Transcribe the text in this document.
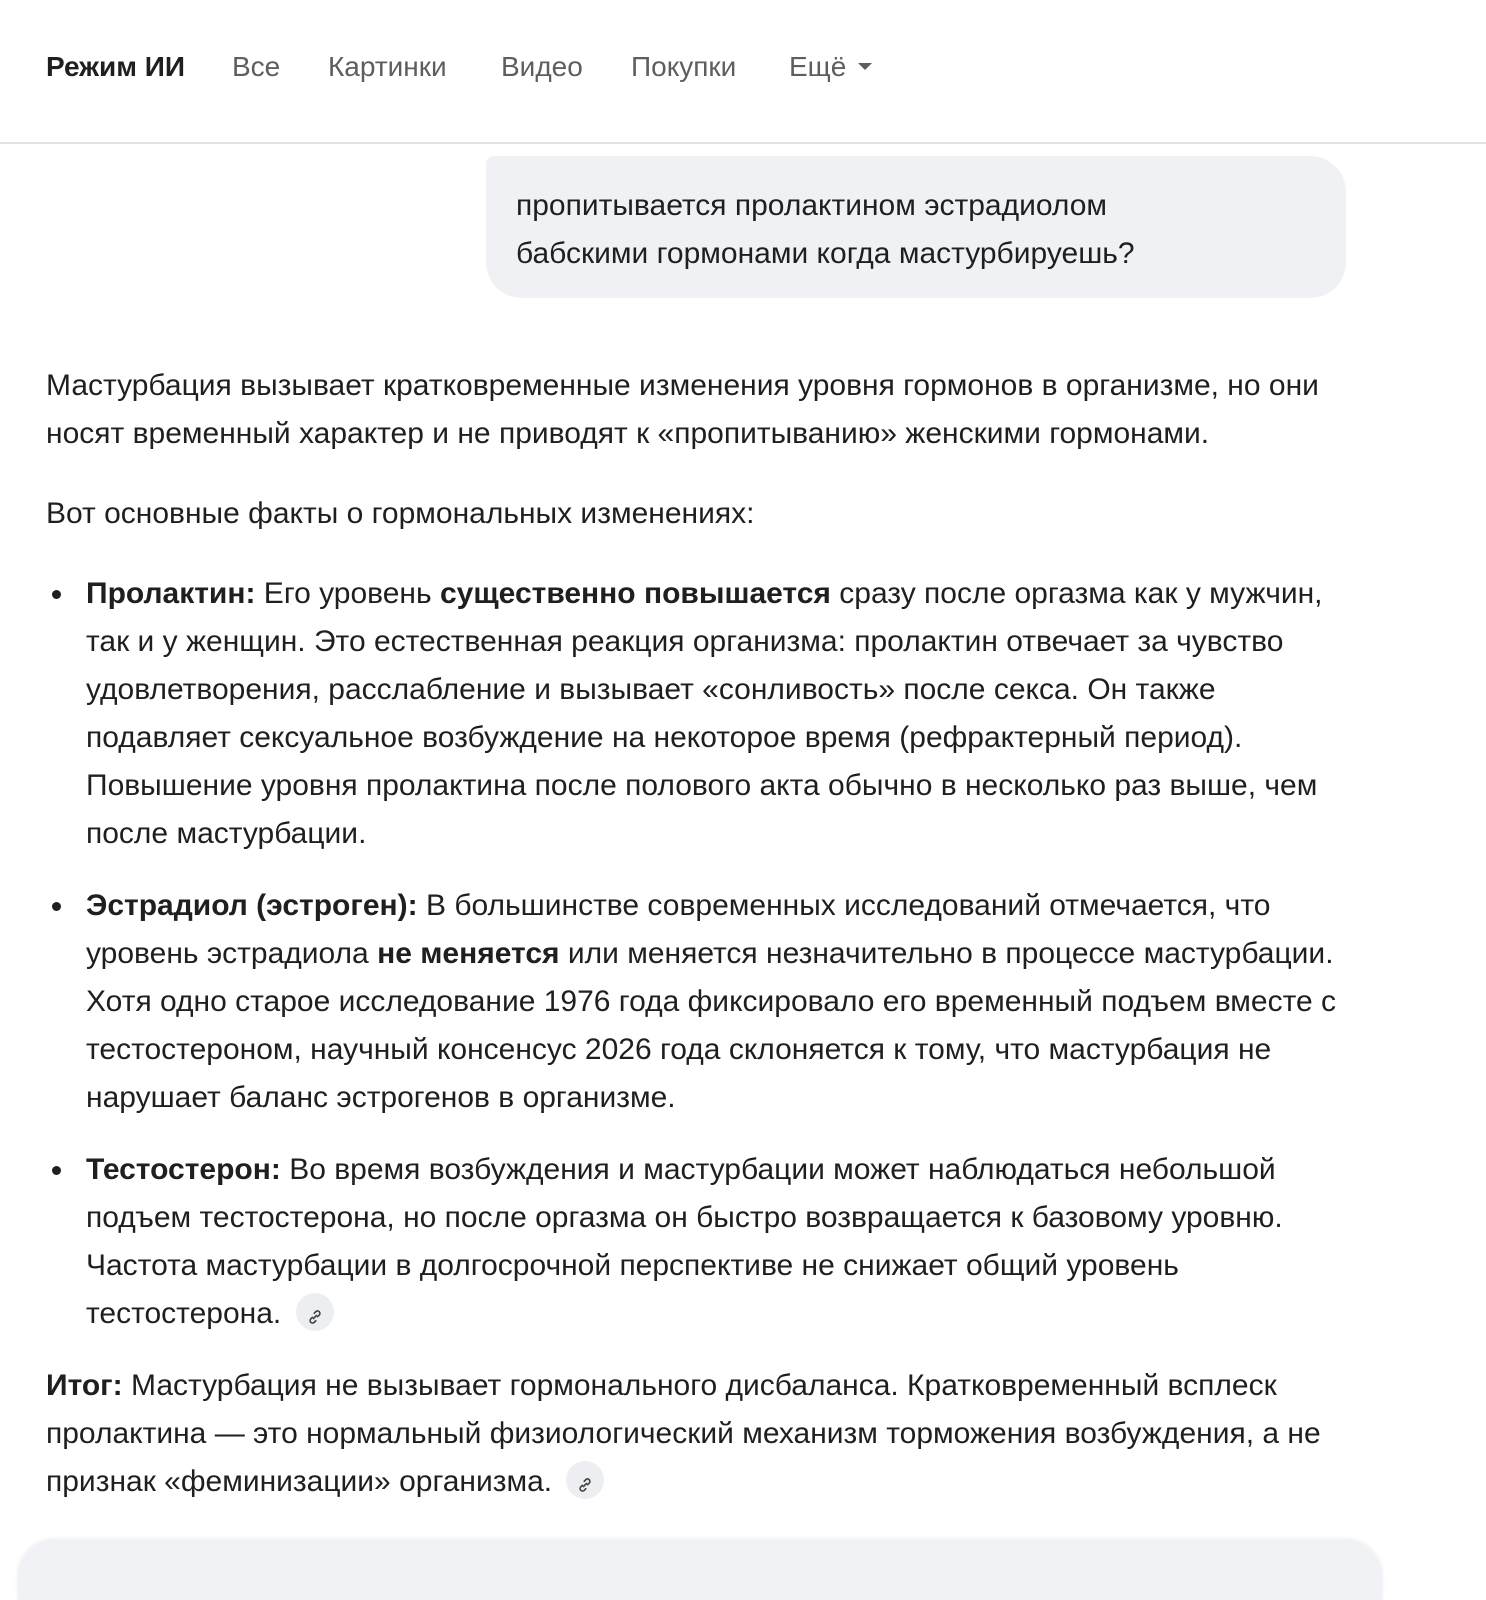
Режим ИИ Все Картинки Видео Покупки Ещё
пропитывается пролактином эстрадиолом
бабскими гормонами когда мастурбируешь?

Мастурбация вызывает кратковременные изменения уровня гормонов в организме, но они носят временный характер и не приводят к «пропитыванию» женскими гормонами.

Вот основные факты о гормональных изменениях:

Пролактин: Его уровень существенно повышается сразу после оргазма как у мужчин, так и у женщин. Это естественная реакция организма: пролактин отвечает за чувство удовлетворения, расслабление и вызывает «сонливость» после секса. Он также подавляет сексуальное возбуждение на некоторое время (рефрактерный период). Повышение уровня пролактина после полового акта обычно в несколько раз выше, чем после мастурбации.
Эстрадиол (эстроген): В большинстве современных исследований отмечается, что уровень эстрадиола не меняется или меняется незначительно в процессе мастурбации. Хотя одно старое исследование 1976 года фиксировало его временный подъем вместе с тестостероном, научный консенсус 2026 года склоняется к тому, что мастурбация не нарушает баланс эстрогенов в организме.
Тестостерон: Во время возбуждения и мастурбации может наблюдаться небольшой подъем тестостерона, но после оргазма он быстро возвращается к базовому уровню. Частота мастурбации в долгосрочной перспективе не снижает общий уровень тестостерона.

Итог: Мастурбация не вызывает гормонального дисбаланса. Кратковременный всплеск пролактина — это нормальный физиологический механизм торможения возбуждения, а не признак «феминизации» организма.
